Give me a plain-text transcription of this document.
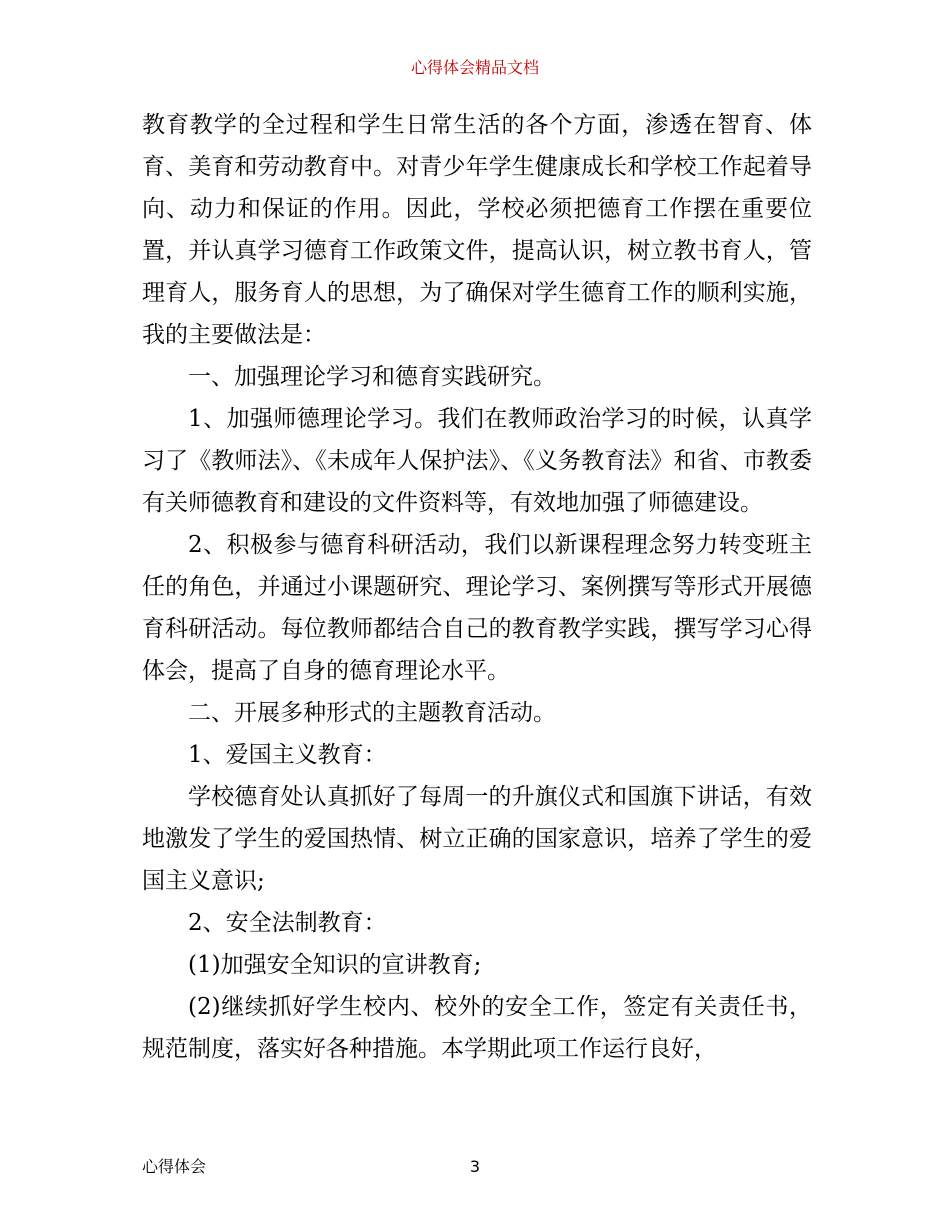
心得体会精品文档

教育教学的全过程和学生日常生活的各个方面，渗透在智育、体育、美育和劳动教育中。对青少年学生健康成长和学校工作起着导向、动力和保证的作用。因此，学校必须把德育工作摆在重要位置，并认真学习德育工作政策文件，提高认识，树立教书育人，管理育人，服务育人的思想，为了确保对学生德育工作的顺利实施，我的主要做法是：

一、加强理论学习和德育实践研究。

1、加强师德理论学习。我们在教师政治学习的时候，认真学习了《教师法》、《未成年人保护法》、《义务教育法》和省、市教委有关师德教育和建设的文件资料等，有效地加强了师德建设。

2、积极参与德育科研活动，我们以新课程理念努力转变班主任的角色，并通过小课题研究、理论学习、案例撰写等形式开展德育科研活动。每位教师都结合自己的教育教学实践，撰写学习心得体会，提高了自身的德育理论水平。

二、开展多种形式的主题教育活动。

1、爱国主义教育：

学校德育处认真抓好了每周一的升旗仪式和国旗下讲话，有效地激发了学生的爱国热情、树立正确的国家意识，培养了学生的爱国主义意识;

2、安全法制教育：

(1)加强安全知识的宣讲教育;

(2)继续抓好学生校内、校外的安全工作，签定有关责任书，规范制度，落实好各种措施。本学期此项工作运行良好，

心得体会	3
